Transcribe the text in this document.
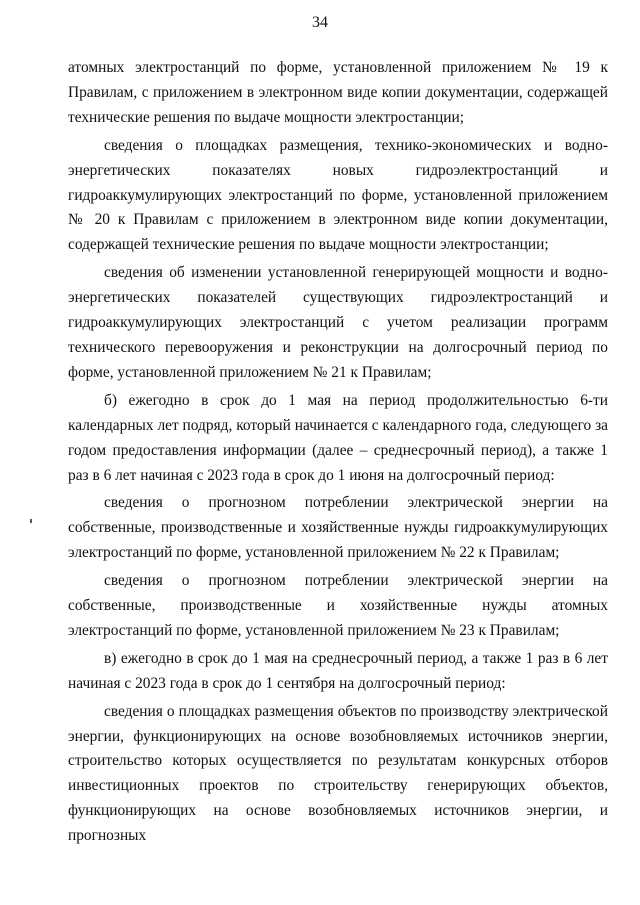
34

атомных электростанций по форме, установленной приложением № 19 к Правилам, с приложением в электронном виде копии документации, содержащей технические решения по выдаче мощности электростанции;

сведения о площадках размещения, технико-экономических и водно-энергетических показателях новых гидроэлектростанций и гидроаккумулирующих электростанций по форме, установленной приложением № 20 к Правилам с приложением в электронном виде копии документации, содержащей технические решения по выдаче мощности электростанции;

сведения об изменении установленной генерирующей мощности и водно-энергетических показателей существующих гидроэлектростанций и гидроаккумулирующих электростанций с учетом реализации программ технического перевооружения и реконструкции на долгосрочный период по форме, установленной приложением № 21 к Правилам;

б) ежегодно в срок до 1 мая на период продолжительностью 6-ти календарных лет подряд, который начинается с календарного года, следующего за годом предоставления информации (далее – среднесрочный период), а также 1 раз в 6 лет начиная с 2023 года в срок до 1 июня на долгосрочный период:

сведения о прогнозном потреблении электрической энергии на собственные, производственные и хозяйственные нужды гидроаккумулирующих электростанций по форме, установленной приложением № 22 к Правилам;

сведения о прогнозном потреблении электрической энергии на собственные, производственные и хозяйственные нужды атомных электростанций по форме, установленной приложением № 23 к Правилам;

в) ежегодно в срок до 1 мая на среднесрочный период, а также 1 раз в 6 лет начиная с 2023 года в срок до 1 сентября на долгосрочный период:

сведения о площадках размещения объектов по производству электрической энергии, функционирующих на основе возобновляемых источников энергии, строительство которых осуществляется по результатам конкурсных отборов инвестиционных проектов по строительству генерирующих объектов, функционирующих на основе возобновляемых источников энергии, и прогнозных
